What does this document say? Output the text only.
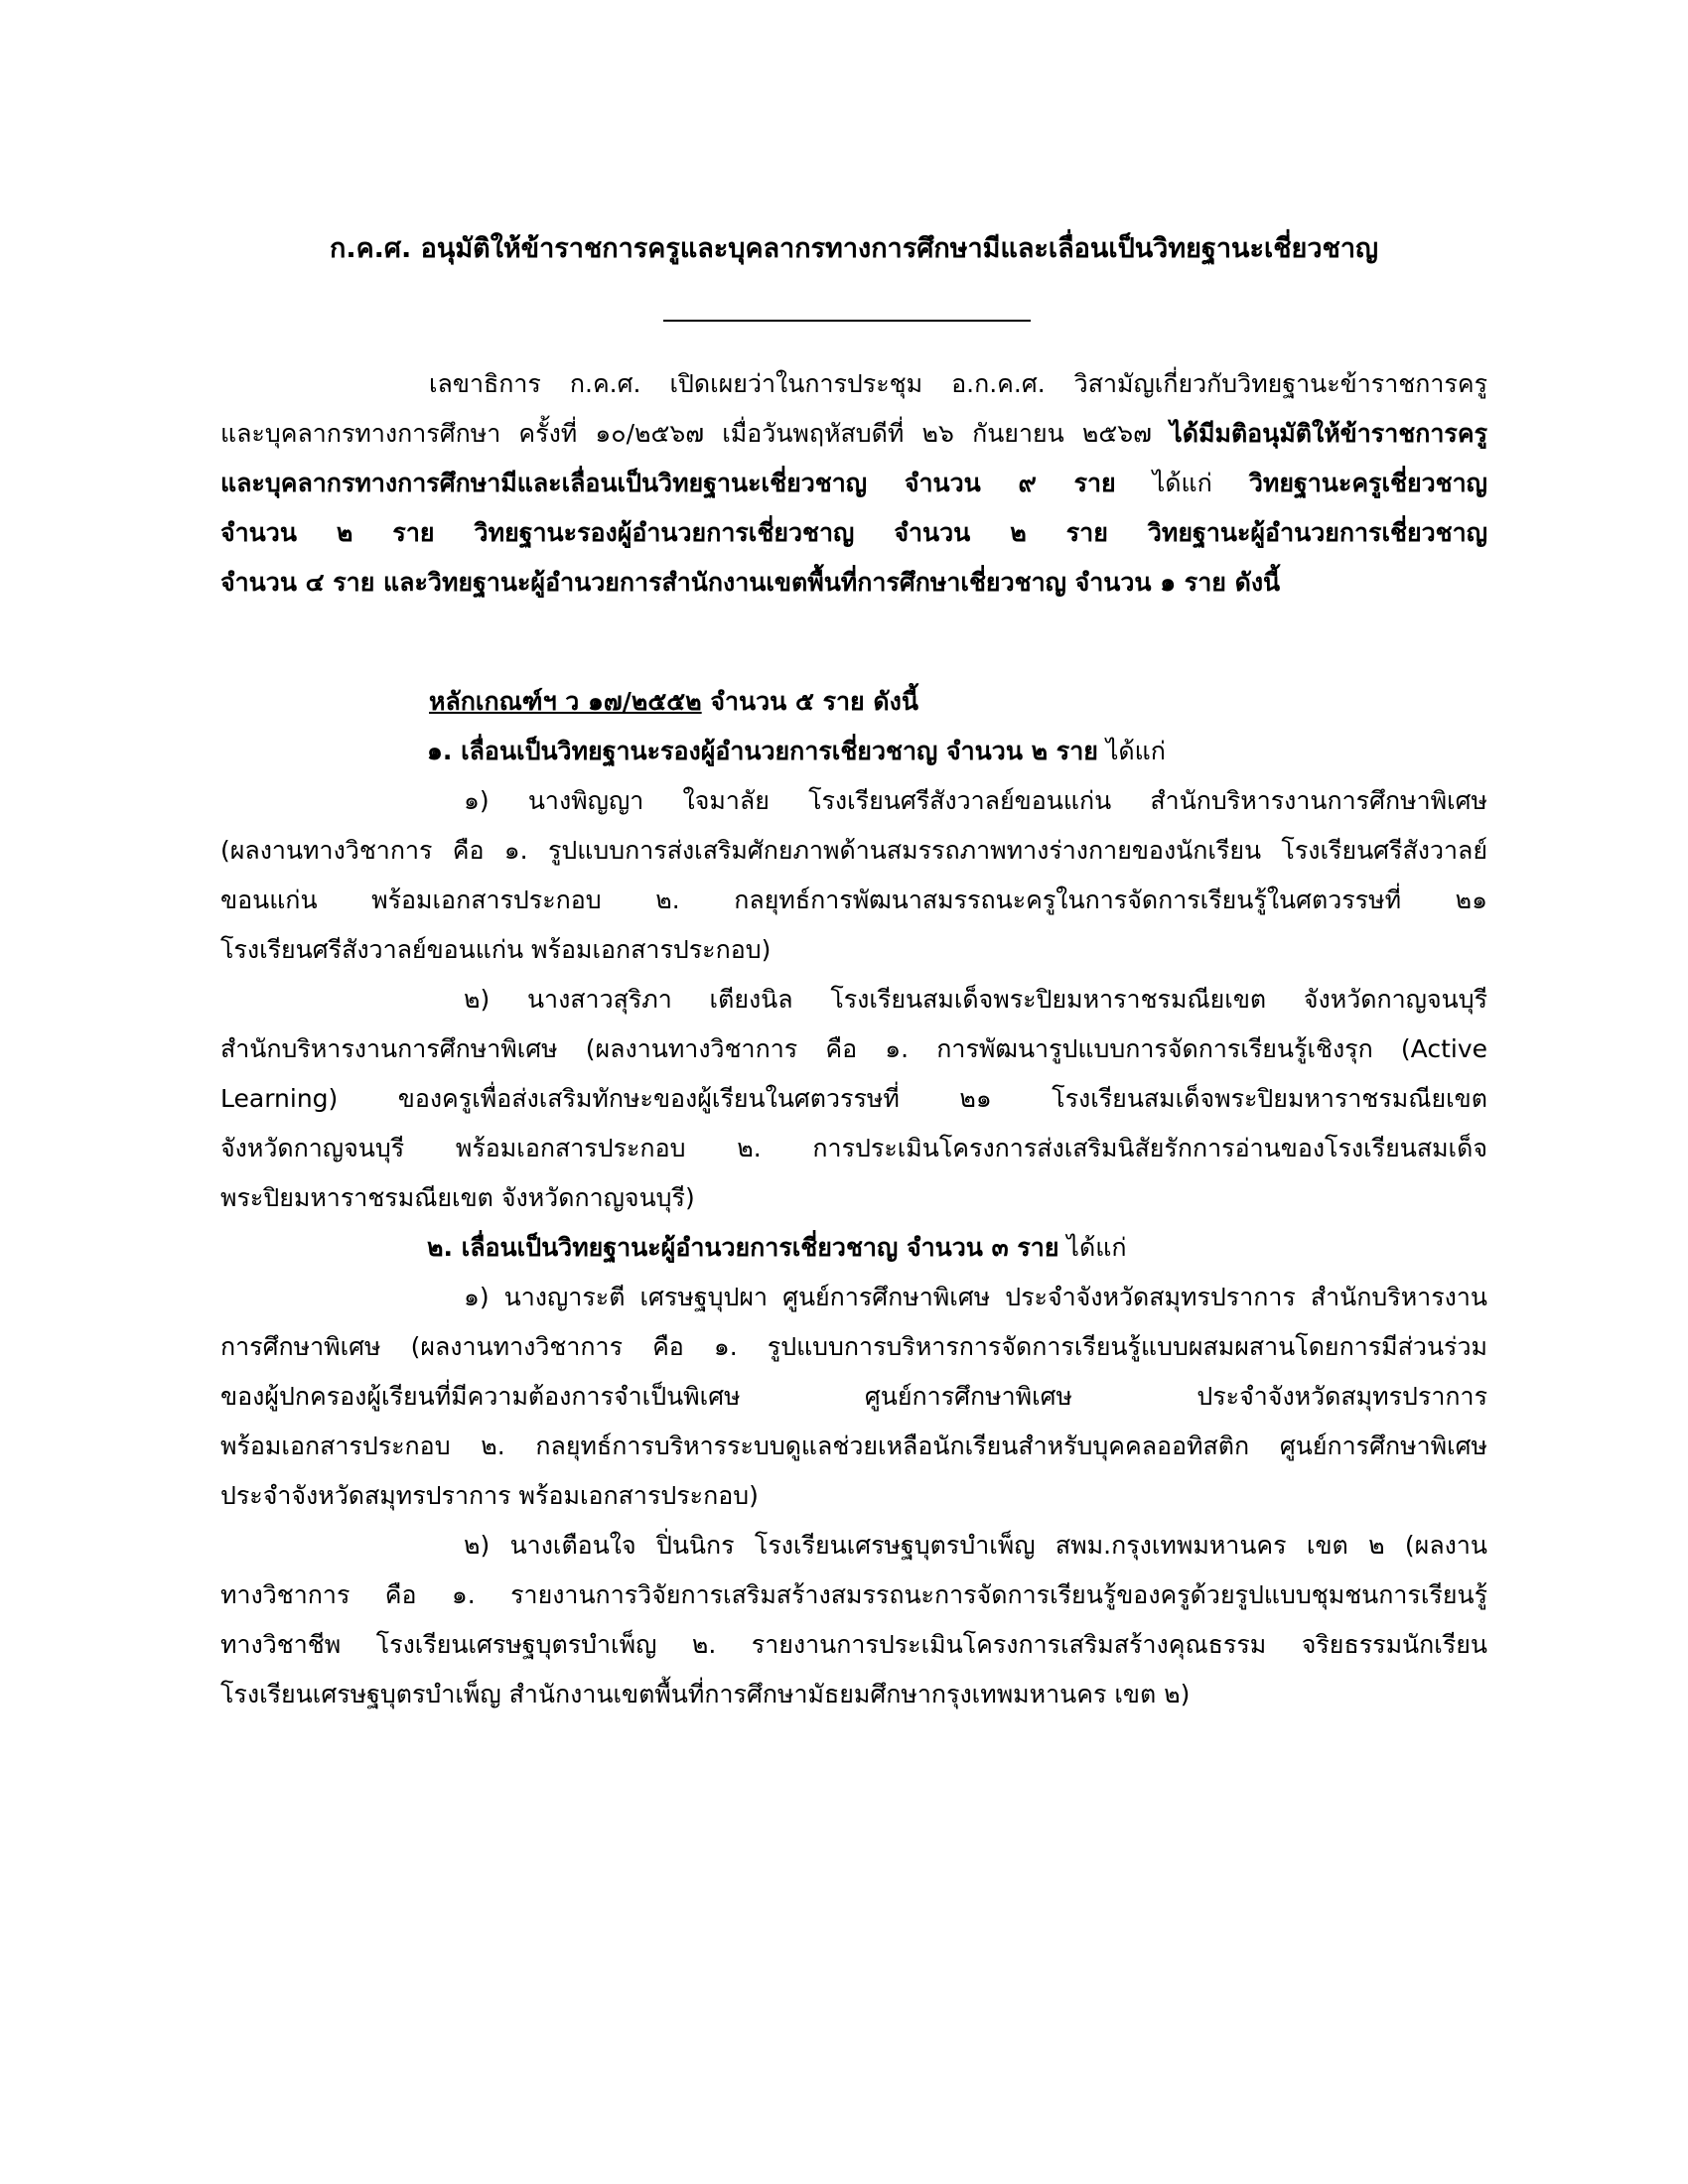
ก.ค.ศ. อนุมัติให้ข้าราชการครูและบุคลากรทางการศึกษามีและเลื่อนเป็นวิทยฐานะเชี่ยวชาญ
เลขาธิการ ก.ค.ศ. เปิดเผยว่าในการประชุม อ.ก.ค.ศ. วิสามัญเกี่ยวกับวิทยฐานะข้าราชการครู
และบุคลากรทางการศึกษา ครั้งที่ ๑๐/๒๕๖๗ เมื่อวันพฤหัสบดีที่ ๒๖ กันยายน ๒๕๖๗ ได้มีมติอนุมัติให้ข้าราชการครู
และบุคลากรทางการศึกษามีและเลื่อนเป็นวิทยฐานะเชี่ยวชาญ จำนวน ๙ ราย ได้แก่ วิทยฐานะครูเชี่ยวชาญ
จำนวน ๒ ราย วิทยฐานะรองผู้อำนวยการเชี่ยวชาญ จำนวน ๒ ราย วิทยฐานะผู้อำนวยการเชี่ยวชาญ
จำนวน ๔ ราย และวิทยฐานะผู้อำนวยการสำนักงานเขตพื้นที่การศึกษาเชี่ยวชาญ จำนวน ๑ ราย ดังนี้
หลักเกณฑ์ฯ ว ๑๗/๒๕๕๒ จำนวน ๕ ราย ดังนี้
๑. เลื่อนเป็นวิทยฐานะรองผู้อำนวยการเชี่ยวชาญ จำนวน ๒ ราย ได้แก่
๑) นางพิญญา ใจมาลัย โรงเรียนศรีสังวาลย์ขอนแก่น สำนักบริหารงานการศึกษาพิเศษ
(ผลงานทางวิชาการ คือ ๑. รูปแบบการส่งเสริมศักยภาพด้านสมรรถภาพทางร่างกายของนักเรียน โรงเรียนศรีสังวาลย์
ขอนแก่น พร้อมเอกสารประกอบ ๒. กลยุทธ์การพัฒนาสมรรถนะครูในการจัดการเรียนรู้ในศตวรรษที่ ๒๑
โรงเรียนศรีสังวาลย์ขอนแก่น พร้อมเอกสารประกอบ)
๒) นางสาวสุริภา เตียงนิล โรงเรียนสมเด็จพระปิยมหาราชรมณียเขต จังหวัดกาญจนบุรี
สำนักบริหารงานการศึกษาพิเศษ (ผลงานทางวิชาการ คือ ๑. การพัฒนารูปแบบการจัดการเรียนรู้เชิงรุก (Active
Learning) ของครูเพื่อส่งเสริมทักษะของผู้เรียนในศตวรรษที่ ๒๑ โรงเรียนสมเด็จพระปิยมหาราชรมณียเขต
จังหวัดกาญจนบุรี พร้อมเอกสารประกอบ ๒. การประเมินโครงการส่งเสริมนิสัยรักการอ่านของโรงเรียนสมเด็จ
พระปิยมหาราชรมณียเขต จังหวัดกาญจนบุรี)
๒. เลื่อนเป็นวิทยฐานะผู้อำนวยการเชี่ยวชาญ จำนวน ๓ ราย ได้แก่
๑) นางญาระตี เศรษฐบุปผา ศูนย์การศึกษาพิเศษ ประจำจังหวัดสมุทรปราการ สำนักบริหารงาน
การศึกษาพิเศษ (ผลงานทางวิชาการ คือ ๑. รูปแบบการบริหารการจัดการเรียนรู้แบบผสมผสานโดยการมีส่วนร่วม
ของผู้ปกครองผู้เรียนที่มีความต้องการจำเป็นพิเศษ ศูนย์การศึกษาพิเศษ ประจำจังหวัดสมุทรปราการ
พร้อมเอกสารประกอบ ๒. กลยุทธ์การบริหารระบบดูแลช่วยเหลือนักเรียนสำหรับบุคคลออทิสติก ศูนย์การศึกษาพิเศษ
ประจำจังหวัดสมุทรปราการ พร้อมเอกสารประกอบ)
๒) นางเตือนใจ ปิ่นนิกร โรงเรียนเศรษฐบุตรบำเพ็ญ สพม.กรุงเทพมหานคร เขต ๒ (ผลงาน
ทางวิชาการ คือ ๑. รายงานการวิจัยการเสริมสร้างสมรรถนะการจัดการเรียนรู้ของครูด้วยรูปแบบชุมชนการเรียนรู้
ทางวิชาชีพ โรงเรียนเศรษฐบุตรบำเพ็ญ ๒. รายงานการประเมินโครงการเสริมสร้างคุณธรรม จริยธรรมนักเรียน
โรงเรียนเศรษฐบุตรบำเพ็ญ สำนักงานเขตพื้นที่การศึกษามัธยมศึกษากรุงเทพมหานคร เขต ๒)
